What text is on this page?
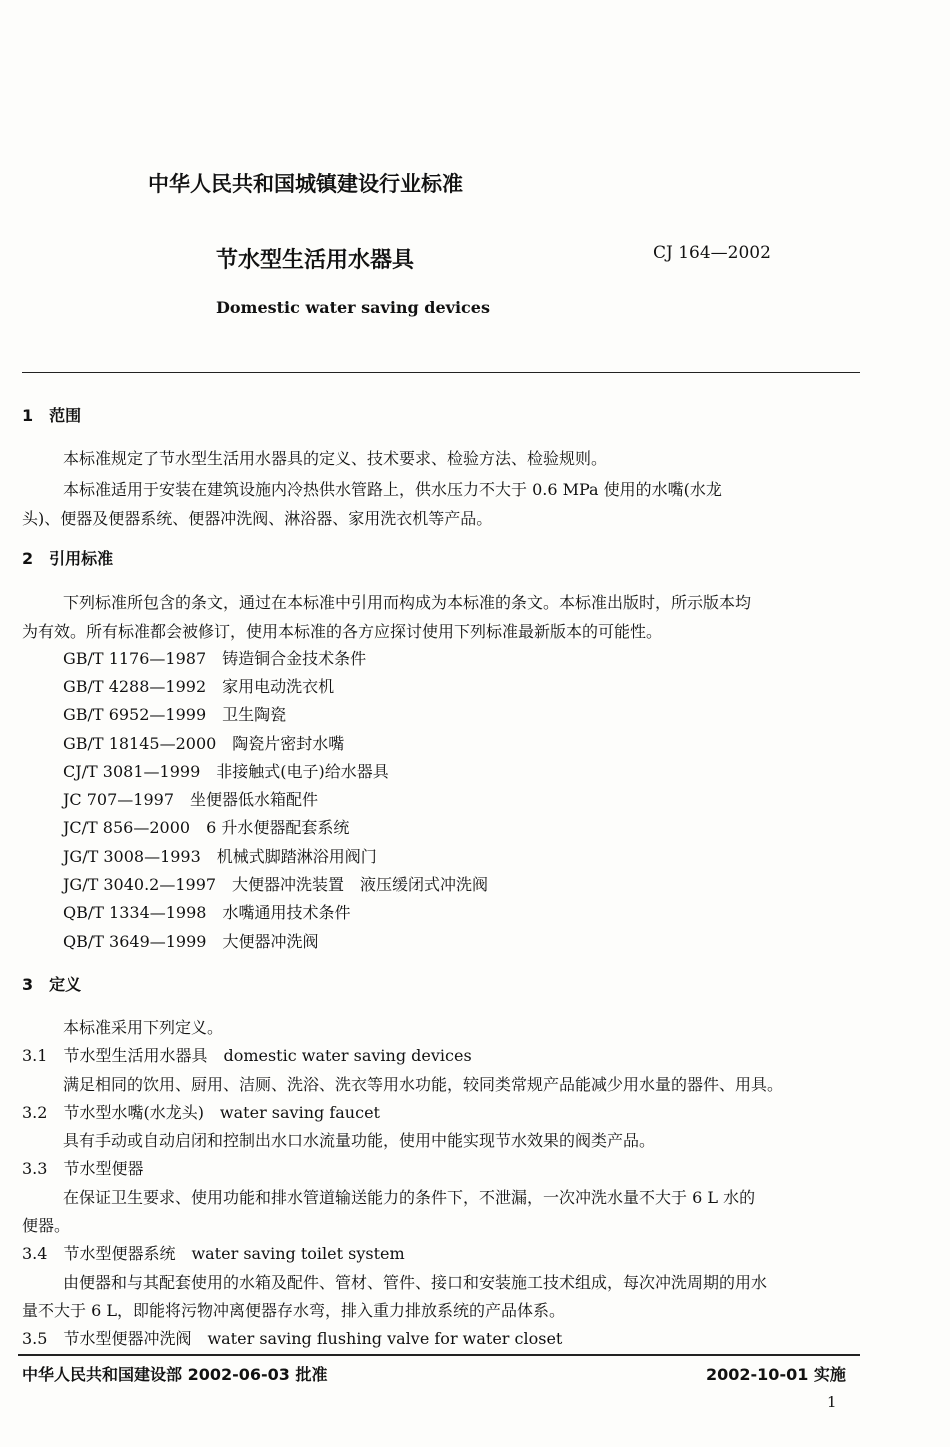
中华人民共和国城镇建设行业标准
节水型生活用水器具	CJ 164—2002
Domestic water saving devices
1　 范围
本标准规定了节水型生活用水器具的定义、技术要求、检验方法、检验规则。
本标准适用于安装在建筑设施内冷热供水管路上，供水压力不大于 0.6 MPa 使用的水嘴(水龙
头)、便器及便器系统、便器冲洗阀、淋浴器、家用洗衣机等产品。
2　 引用标准
下列标准所包含的条文，通过在本标准中引用而构成为本标准的条文。本标准出版时，所示版本均
为有效。所有标准都会被修订，使用本标准的各方应探讨使用下列标准最新版本的可能性。
GB/T 1176—1987　铸造铜合金技术条件
GB/T 4288—1992　家用电动洗衣机
GB/T 6952—1999　卫生陶瓷
GB/T 18145—2000　陶瓷片密封水嘴
CJ/T 3081—1999　非接触式(电子)给水器具
JC 707—1997　坐便器低水箱配件
JC/T 856—2000　6 升水便器配套系统
JG/T 3008—1993　机械式脚踏淋浴用阀门
JG/T 3040.2—1997　大便器冲洗装置　液压缓闭式冲洗阀
QB/T 1334—1998　水嘴通用技术条件
QB/T 3649—1999　大便器冲洗阀
3　 定义
本标准采用下列定义。
3.1　节水型生活用水器具　domestic water saving devices
满足相同的饮用、厨用、洁厕、洗浴、洗衣等用水功能，较同类常规产品能减少用水量的器件、用具。
3.2　节水型水嘴(水龙头)　water saving faucet
具有手动或自动启闭和控制出水口水流量功能，使用中能实现节水效果的阀类产品。
3.3　节水型便器
在保证卫生要求、使用功能和排水管道输送能力的条件下，不泄漏，一次冲洗水量不大于 6 L 水的
便器。
3.4　节水型便器系统　water saving toilet system
由便器和与其配套使用的水箱及配件、管材、管件、接口和安装施工技术组成，每次冲洗周期的用水
量不大于 6 L，即能将污物冲离便器存水弯，排入重力排放系统的产品体系。
3.5　节水型便器冲洗阀　water saving flushing valve for water closet
中华人民共和国建设部 2002-06-03 批准	2002-10-01 实施
1
